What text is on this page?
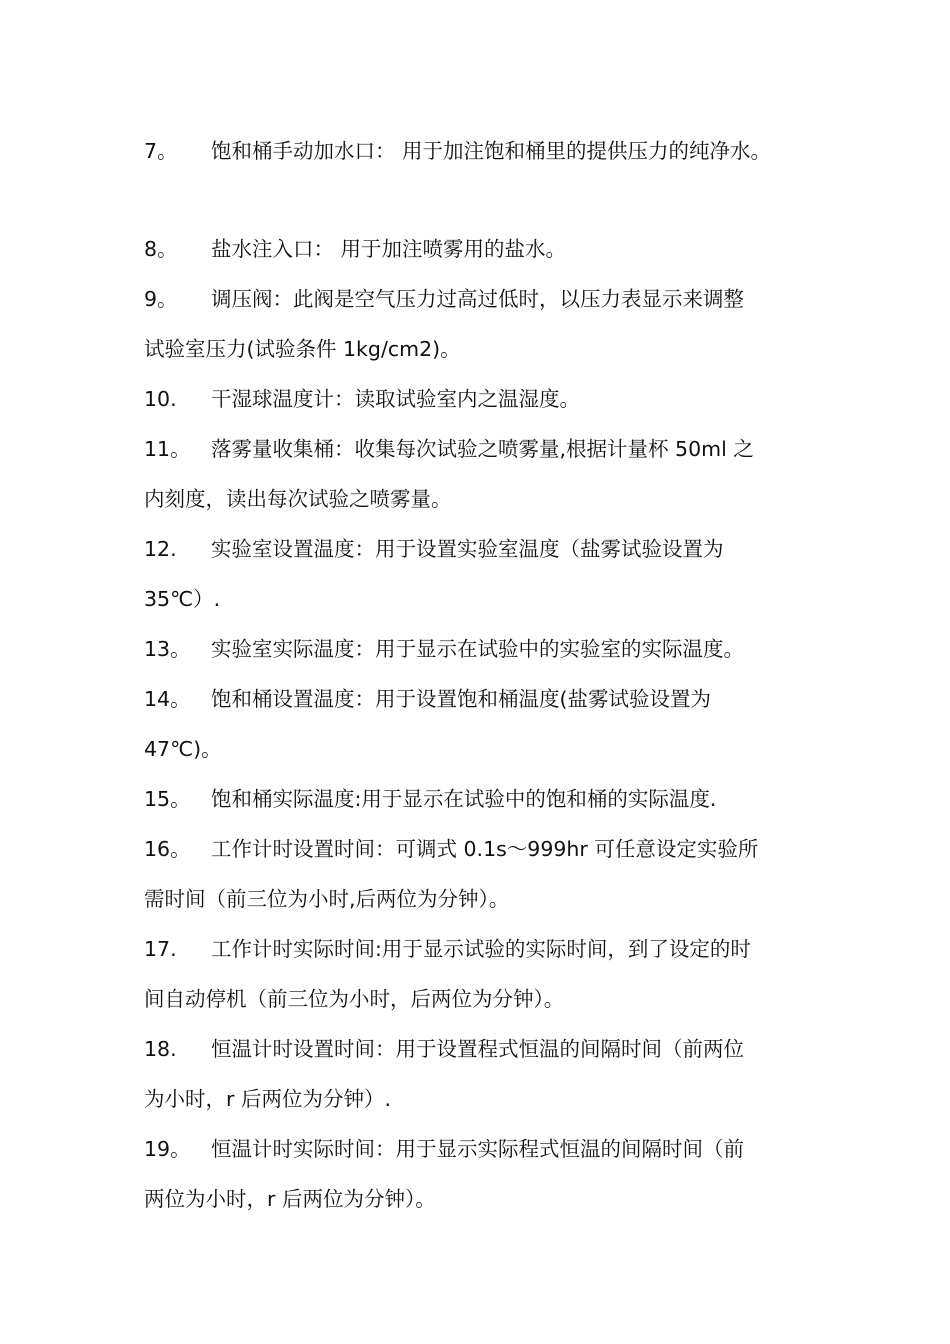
7。 饱和桶手动加水口： 用于加注饱和桶里的提供压力的纯净水。
8。 盐水注入口： 用于加注喷雾用的盐水。
9。 调压阀：此阀是空气压力过高过低时，以压力表显示来调整
试验室压力(试验条件 1kg/cm2)。
10. 干湿球温度计：读取试验室内之温湿度。
11。 落雾量收集桶：收集每次试验之喷雾量,根据计量杯 50ml 之
内刻度，读出每次试验之喷雾量。
12. 实验室设置温度：用于设置实验室温度（盐雾试验设置为
35℃）.
13。 实验室实际温度：用于显示在试验中的实验室的实际温度。
14。 饱和桶设置温度：用于设置饱和桶温度(盐雾试验设置为
47℃)。
15。 饱和桶实际温度:用于显示在试验中的饱和桶的实际温度.
16。 工作计时设置时间：可调式 0.1s～999hr 可任意设定实验所
需时间（前三位为小时,后两位为分钟）。
17. 工作计时实际时间:用于显示试验的实际时间，到了设定的时
间自动停机（前三位为小时，后两位为分钟）。
18. 恒温计时设置时间：用于设置程式恒温的间隔时间（前两位
为小时，r 后两位为分钟）.
19。 恒温计时实际时间：用于显示实际程式恒温的间隔时间（前
两位为小时，r 后两位为分钟）。
